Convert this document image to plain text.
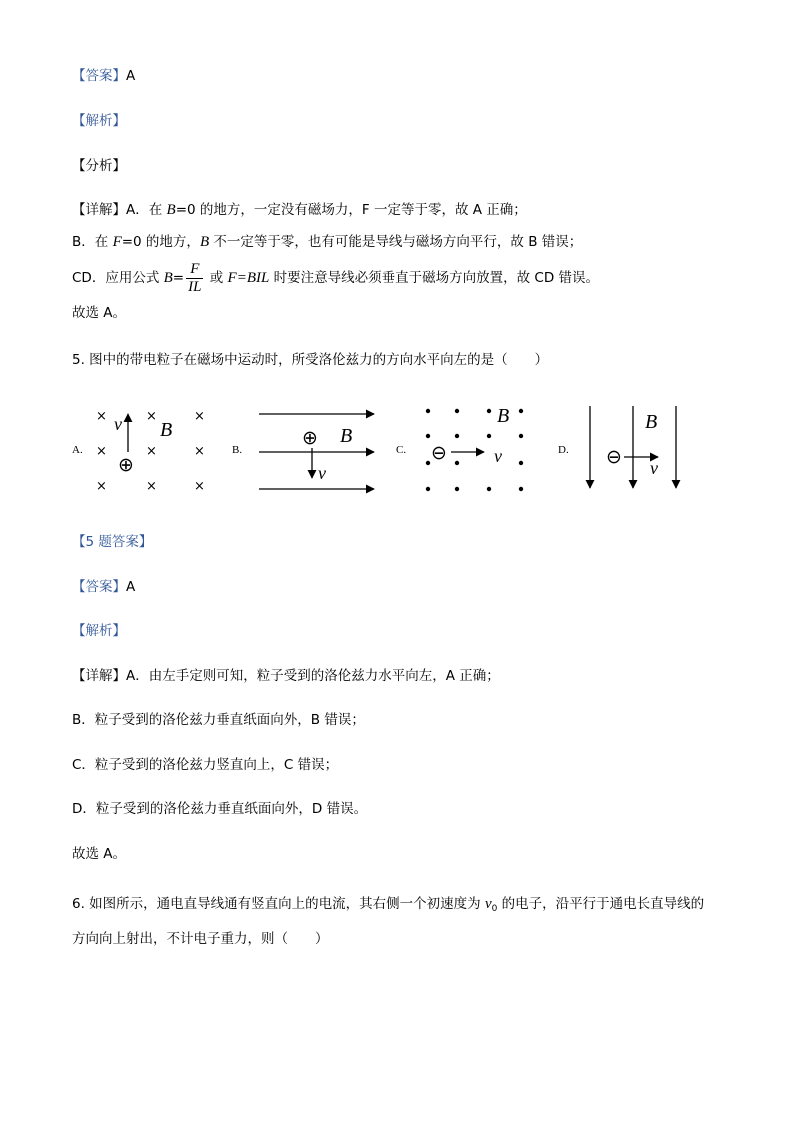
【答案】A
【解析】
【分析】
【详解】A．在 B=0 的地方，一定没有磁场力，F 一定等于零，故 A 正确；
B．在 F=0 的地方，B 不一定等于零，也有可能是导线与磁场方向平行，故 B 错误；
CD．应用公式 $B= \frac{F}{IL}$ 或 F=BIL 时要注意导线必须垂直于磁场方向放置，故 CD 错误。
故选 A。
5. 图中的带电粒子在磁场中运动时，所受洛伦兹力的方向水平向左的是（　　）
A.
×	×	×
×	×	×
×	×	×
v B
⊕
B.
⊕ B
v
C.
B
⊖	v	D.
B
⊖ v
【5 题答案】
【答案】A
【解析】
【详解】A．由左手定则可知，粒子受到的洛伦兹力水平向左，A 正确；
B．粒子受到的洛伦兹力垂直纸面向外，B 错误；
C．粒子受到的洛伦兹力竖直向上，C 错误；
D．粒子受到的洛伦兹力垂直纸面向外，D 错误。
故选 A。
6. 如图所示，通电直导线通有竖直向上的电流，其右侧一个初速度为 $v_0$ 的电子，沿平行于通电长直导线的
方向向上射出，不计电子重力，则（　　）
